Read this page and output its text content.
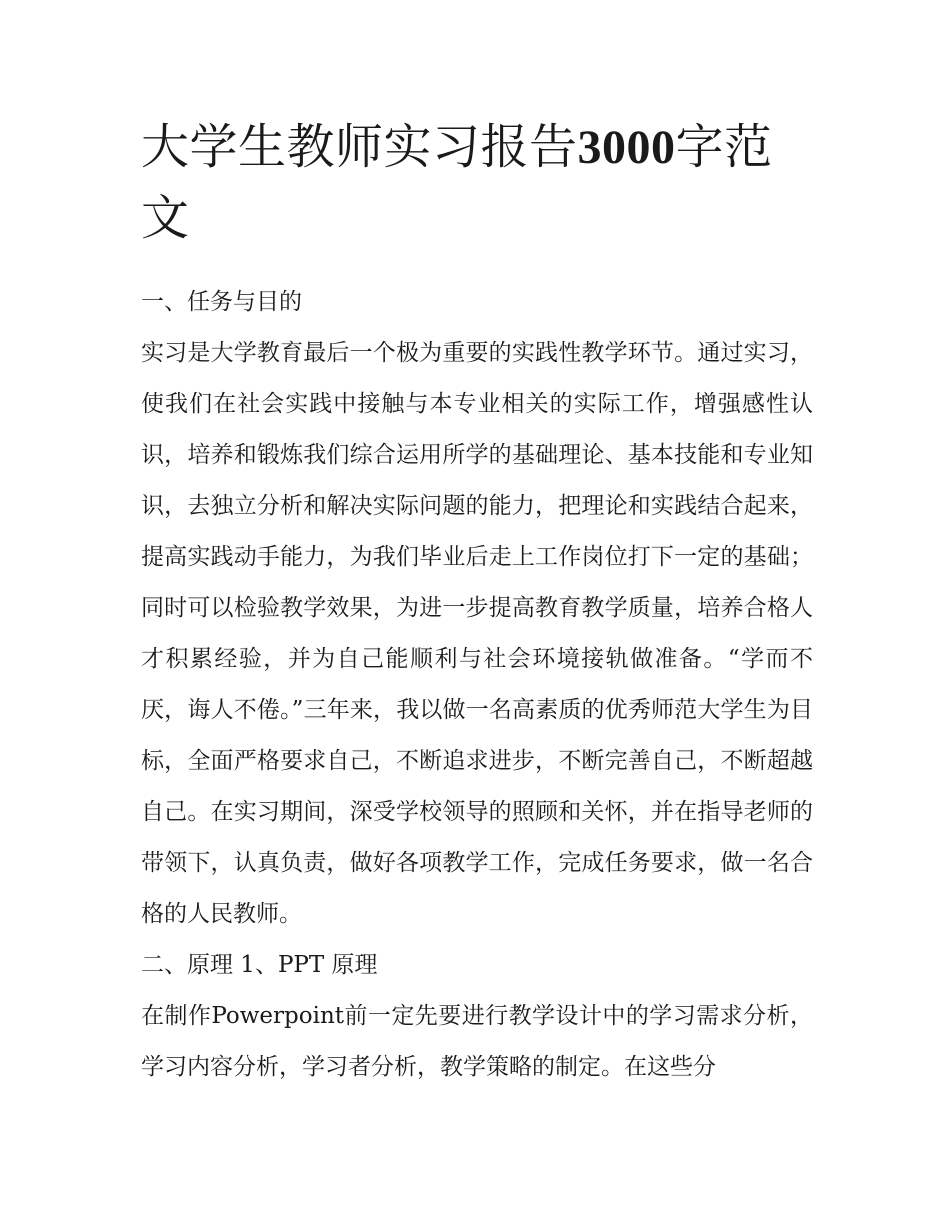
大学生教师实习报告3000字范文

一、任务与目的

实习是大学教育最后一个极为重要的实践性教学环节。通过实习，使我们在社会实践中接触与本专业相关的实际工作，增强感性认识，培养和锻炼我们综合运用所学的基础理论、基本技能和专业知识，去独立分析和解决实际问题的能力，把理论和实践结合起来，提高实践动手能力，为我们毕业后走上工作岗位打下一定的基础；同时可以检验教学效果，为进一步提高教育教学质量，培养合格人才积累经验，并为自己能顺利与社会环境接轨做准备。“学而不厌，诲人不倦。”三年来，我以做一名高素质的优秀师范大学生为目标，全面严格要求自己，不断追求进步，不断完善自己，不断超越自己。在实习期间，深受学校领导的照顾和关怀，并在指导老师的带领下，认真负责，做好各项教学工作，完成任务要求，做一名合格的人民教师。

二、原理 1、PPT 原理

在制作Powerpoint前一定先要进行教学设计中的学习需求分析，学习内容分析，学习者分析，教学策略的制定。在这些分
